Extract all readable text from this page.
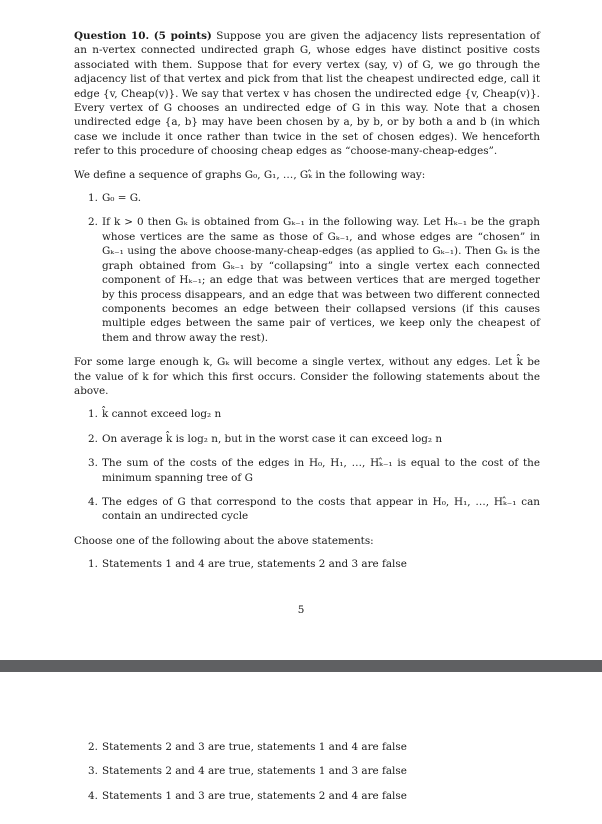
Question 10. (5 points) Suppose you are given the adjacency lists representation of an n-vertex connected undirected graph G, whose edges have distinct positive costs associated with them. Suppose that for every vertex (say, v) of G, we go through the adjacency list of that vertex and pick from that list the cheapest undirected edge, call it edge {v, Cheap(v)}. We say that vertex v has chosen the undirected edge {v, Cheap(v)}. Every vertex of G chooses an undirected edge of G in this way. Note that a chosen undirected edge {a, b} may have been chosen by a, by b, or by both a and b (in which case we include it once rather than twice in the set of chosen edges). We henceforth refer to this procedure of choosing cheap edges as “choose-many-cheap-edges”.

We define a sequence of graphs G₀, G₁, …, Gₖ̂ in the following way:

1. G₀ = G.
2. If k > 0 then Gₖ is obtained from Gₖ₋₁ in the following way. Let Hₖ₋₁ be the graph whose vertices are the same as those of Gₖ₋₁, and whose edges are “chosen” in Gₖ₋₁ using the above choose-many-cheap-edges (as applied to Gₖ₋₁). Then Gₖ is the graph obtained from Gₖ₋₁ by “collapsing” into a single vertex each connected component of Hₖ₋₁; an edge that was between vertices that are merged together by this process disappears, and an edge that was between two different connected components becomes an edge between their collapsed versions (if this causes multiple edges between the same pair of vertices, we keep only the cheapest of them and throw away the rest).

For some large enough k, Gₖ will become a single vertex, without any edges. Let k̂ be the value of k for which this first occurs. Consider the following statements about the above.

1. k̂ cannot exceed log₂ n
2. On average k̂ is log₂ n, but in the worst case it can exceed log₂ n
3. The sum of the costs of the edges in H₀, H₁, …, Hₖ̂₋₁ is equal to the cost of the minimum spanning tree of G
4. The edges of G that correspond to the costs that appear in H₀, H₁, …, Hₖ̂₋₁ can contain an undirected cycle

Choose one of the following about the above statements:

1. Statements 1 and 4 are true, statements 2 and 3 are false
5
2. Statements 2 and 3 are true, statements 1 and 4 are false
3. Statements 2 and 4 are true, statements 1 and 3 are false
4. Statements 1 and 3 are true, statements 2 and 4 are false
